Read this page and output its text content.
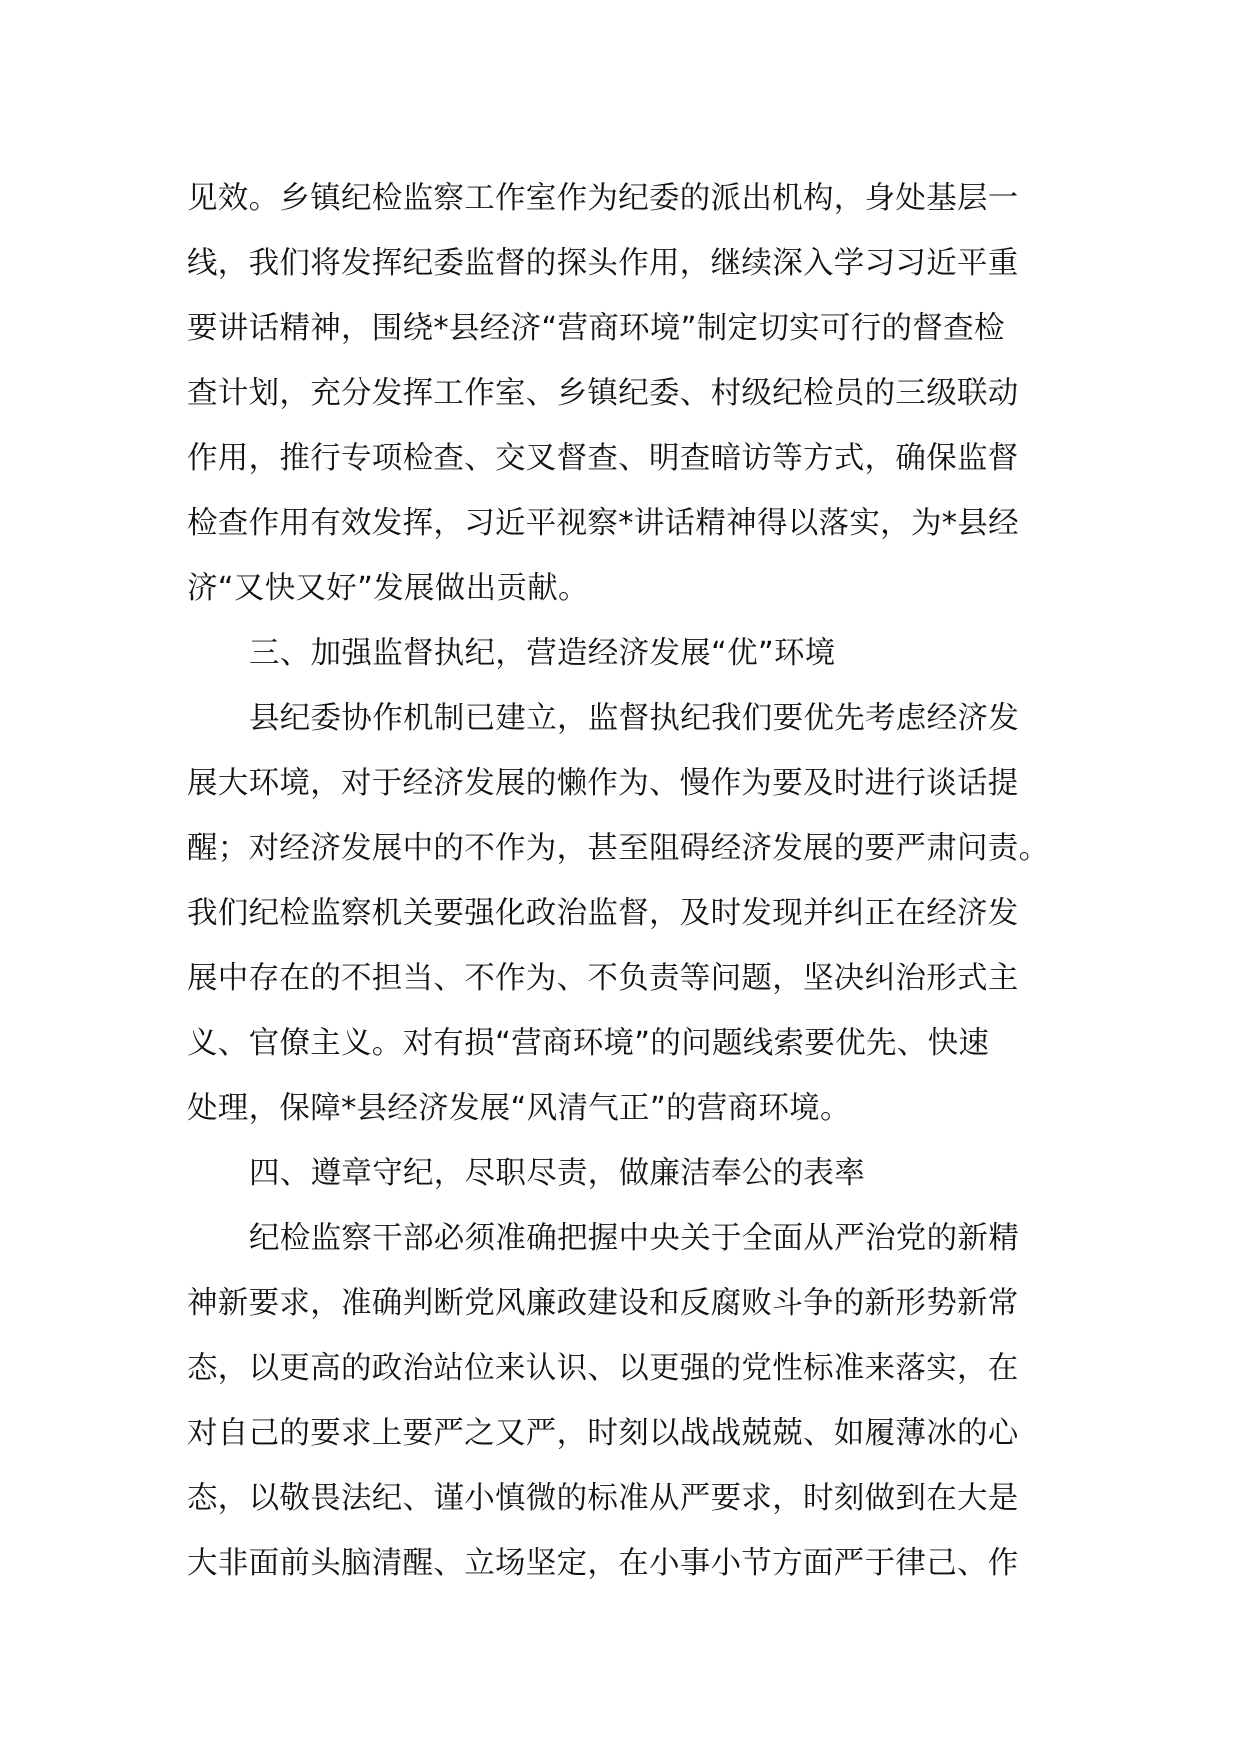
见效。乡镇纪检监察工作室作为纪委的派出机构，身处基层一
线，我们将发挥纪委监督的探头作用，继续深入学习习近平重
要讲话精神，围绕*县经济“营商环境”制定切实可行的督查检
查计划，充分发挥工作室、乡镇纪委、村级纪检员的三级联动
作用，推行专项检查、交叉督查、明查暗访等方式，确保监督
检查作用有效发挥，习近平视察*讲话精神得以落实，为*县经
济“又快又好”发展做出贡献。
三、加强监督执纪，营造经济发展“优”环境
县纪委协作机制已建立，监督执纪我们要优先考虑经济发
展大环境，对于经济发展的懒作为、慢作为要及时进行谈话提
醒；对经济发展中的不作为，甚至阻碍经济发展的要严肃问责。
我们纪检监察机关要强化政治监督，及时发现并纠正在经济发
展中存在的不担当、不作为、不负责等问题，坚决纠治形式主
义、官僚主义。对有损“营商环境”的问题线索要优先、快速
处理，保障*县经济发展“风清气正”的营商环境。
四、遵章守纪，尽职尽责，做廉洁奉公的表率
纪检监察干部必须准确把握中央关于全面从严治党的新精
神新要求，准确判断党风廉政建设和反腐败斗争的新形势新常
态，以更高的政治站位来认识、以更强的党性标准来落实，在
对自己的要求上要严之又严，时刻以战战兢兢、如履薄冰的心
态，以敬畏法纪、谨小慎微的标准从严要求，时刻做到在大是
大非面前头脑清醒、立场坚定，在小事小节方面严于律己、作
